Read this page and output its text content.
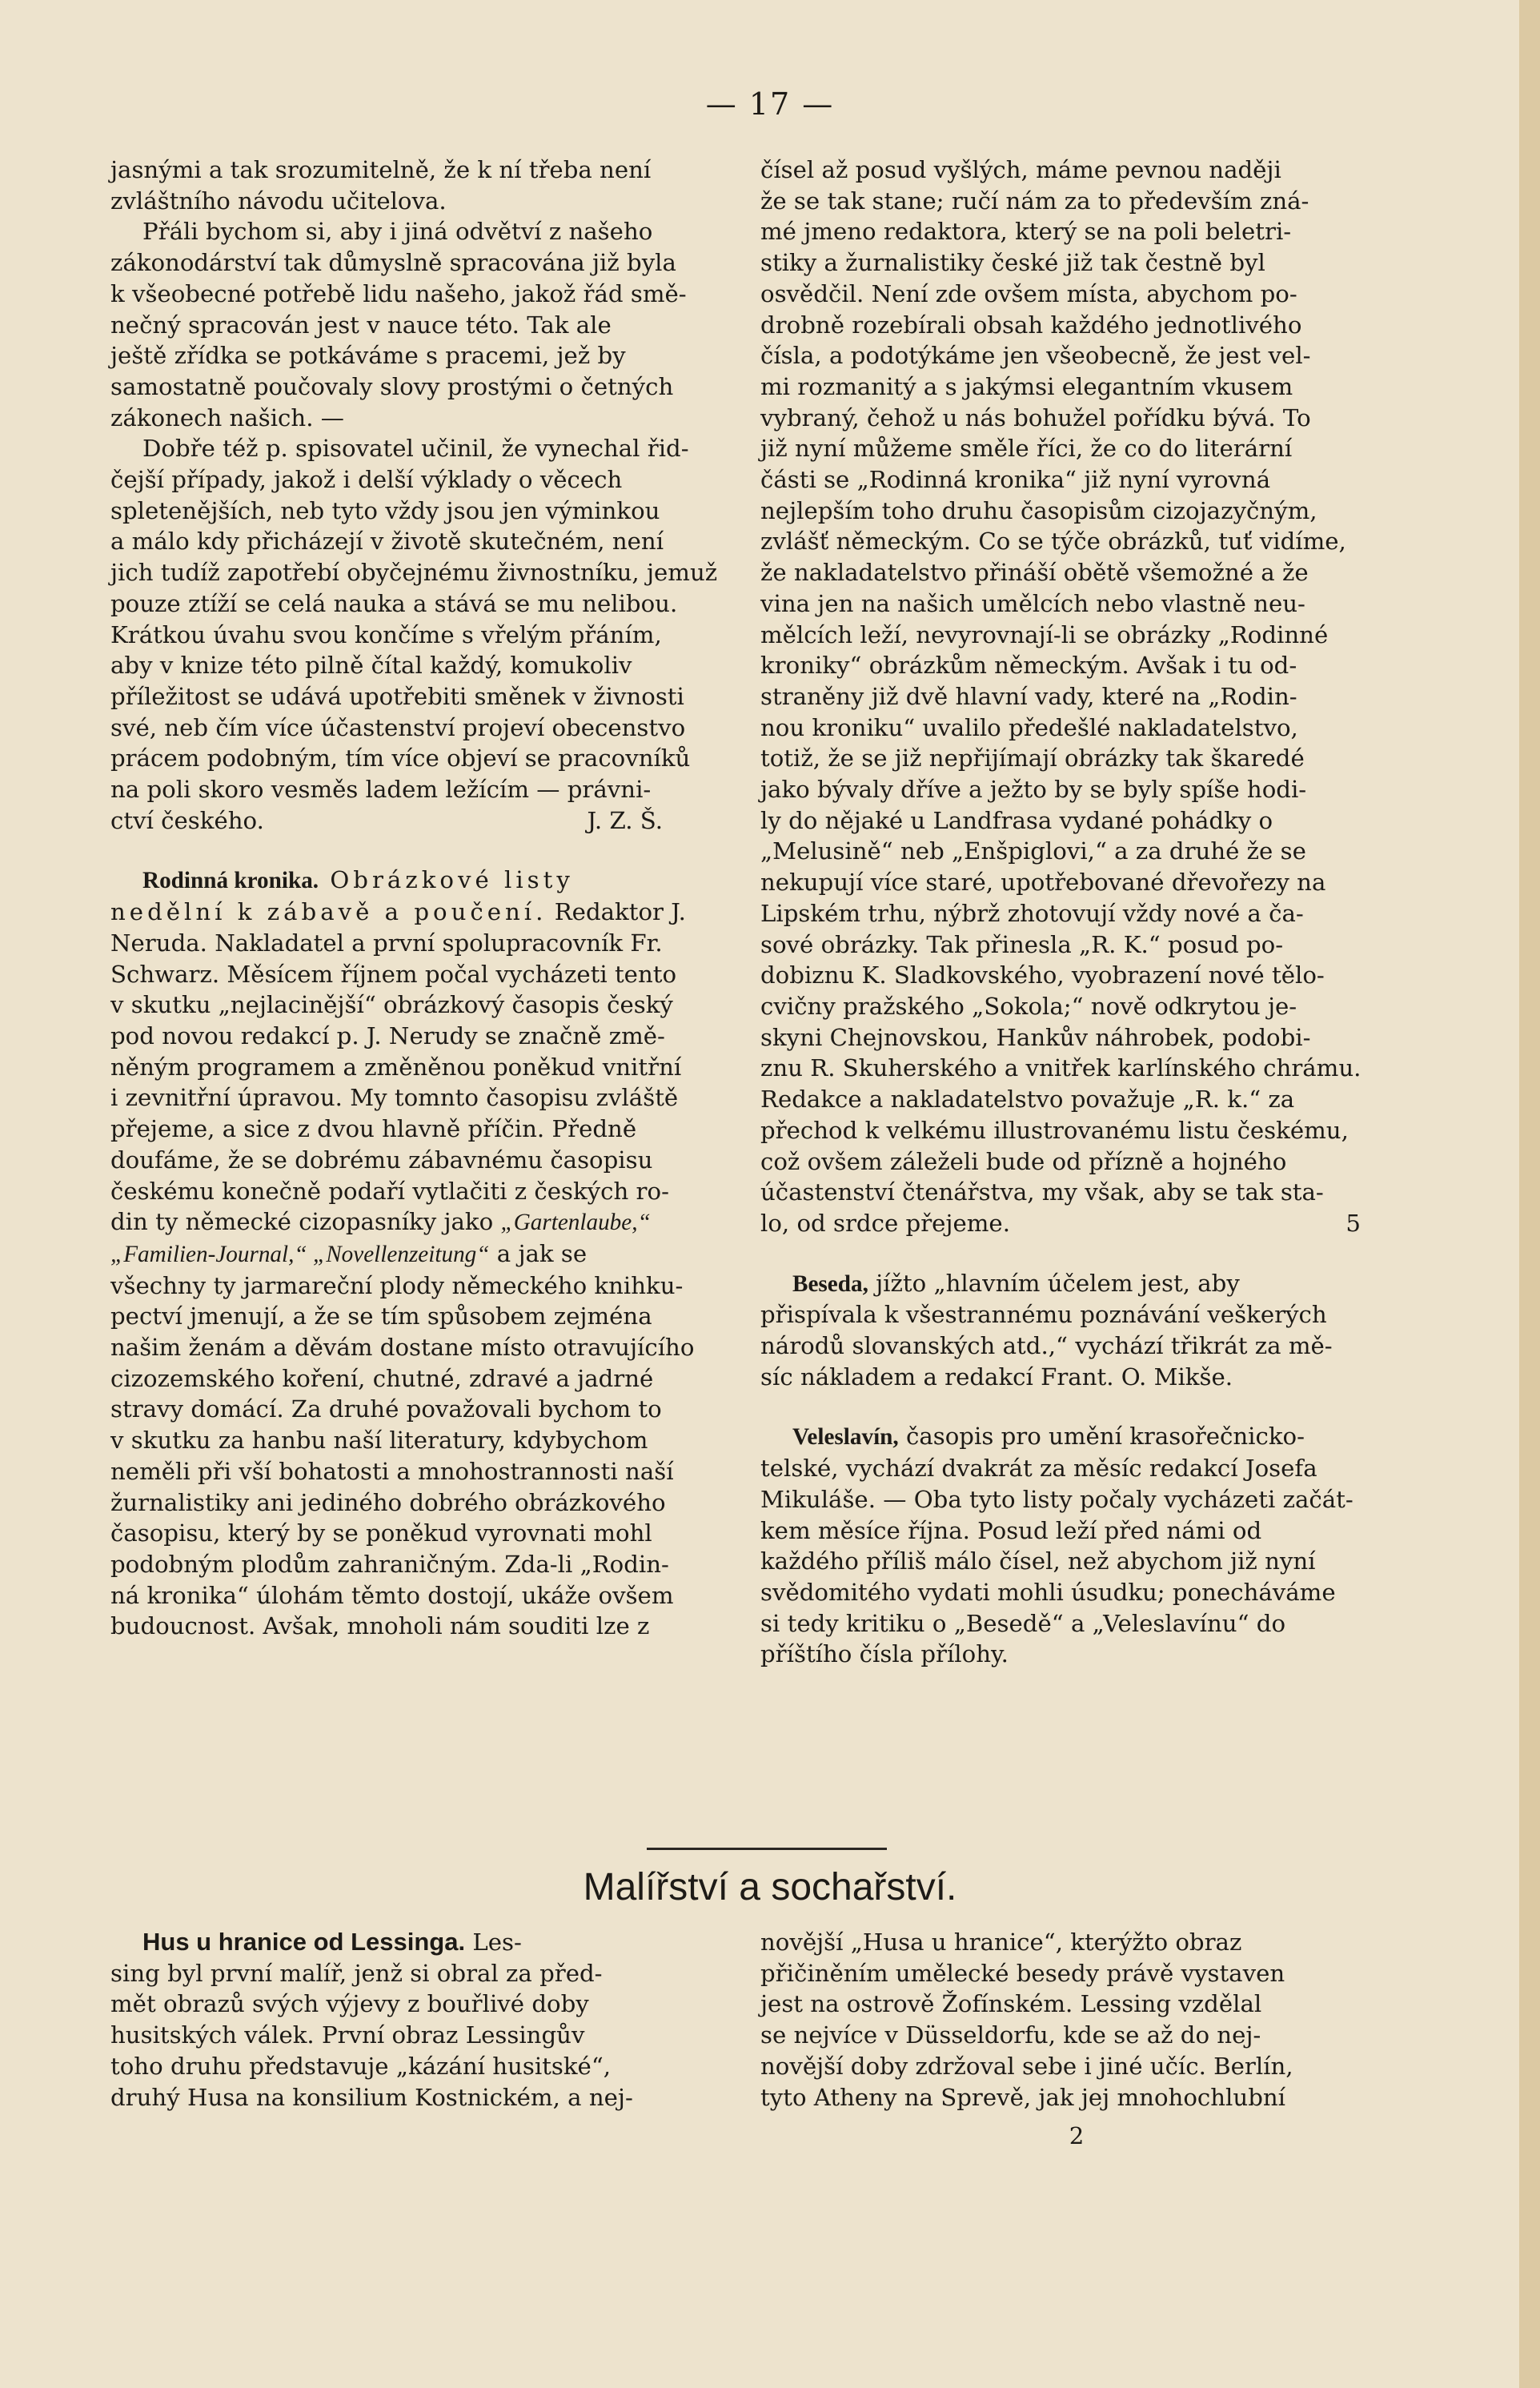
— 17 —

jasnými a tak srozumitelně, že k ní třeba není
zvláštního návodu učitelova.

Přáli bychom si, aby i jiná odvětví z našeho
zákonodárství tak důmyslně spracována již byla
k všeobecné potřebě lidu našeho, jakož řád smě-
nečný spracován jest v nauce této. Tak ale
ještě zřídka se potkáváme s pracemi, jež by
samostatně poučovaly slovy prostými o četných
zákonech našich. —

Dobře též p. spisovatel učinil, že vynechal řid-
čejší případy, jakož i delší výklady o věcech
spletenějších, neb tyto vždy jsou jen výminkou
a málo kdy přicházejí v životě skutečném, není
jich tudíž zapotřebí obyčejnému živnostníku, jemuž
pouze ztíží se celá nauka a stává se mu nelibou.
Krátkou úvahu svou končíme s vřelým přáním,
aby v knize této pilně čítal každý, komukoliv
příležitost se udává upotřebiti směnek v živnosti
své, neb čím více účastenství projeví obecenstvo
prácem podobným, tím více objeví se pracovníků
na poli skoro vesměs ladem ležícím — právni-

ctví českého.	J. Z. Š.

Rodinná kronika. Obrázkové listy
nedělní k zábavě a poučení. Redaktor J.
Neruda. Nakladatel a první spolupracovník Fr.
Schwarz. Měsícem říjnem počal vycházeti tento
v skutku „nejlacinější“ obrázkový časopis český
pod novou redakcí p. J. Nerudy se značně změ-
něným programem a změněnou poněkud vnitřní
i zevnitřní úpravou. My tomnto časopisu zvláště
přejeme, a sice z dvou hlavně příčin. Předně
doufáme, že se dobrému zábavnému časopisu
českému konečně podaří vytlačiti z českých ro-
din ty německé cizopasníky jako „Gartenlaube,“
„Familien-Journal,“ „Novellenzeitung“ a jak se
všechny ty jarmareční plody německého knihku-
pectví jmenují, a že se tím spůsobem zejména
našim ženám a děvám dostane místo otravujícího
cizozemského koření, chutné, zdravé a jadrné
stravy domácí. Za druhé považovali bychom to
v skutku za hanbu naší literatury, kdybychom
neměli při vší bohatosti a mnohostrannosti naší
žurnalistiky ani jediného dobrého obrázkového
časopisu, který by se poněkud vyrovnati mohl
podobným plodům zahraničným. Zda-li „Rodin-
ná kronika“ úlohám těmto dostojí, ukáže ovšem
budoucnost. Avšak, mnoholi nám souditi lze z

čísel až posud vyšlých, máme pevnou naději
že se tak stane; ručí nám za to především zná-
mé jmeno redaktora, který se na poli beletri-
stiky a žurnalistiky české již tak čestně byl
osvědčil. Není zde ovšem místa, abychom po-
drobně rozebírali obsah každého jednotlivého
čísla, a podotýkáme jen všeobecně, že jest vel-
mi rozmanitý a s jakýmsi elegantním vkusem
vybraný, čehož u nás bohužel pořídku bývá. To
již nyní můžeme směle říci, že co do literární
části se „Rodinná kronika“ již nyní vyrovná
nejlepším toho druhu časopisům cizojazyčným,
zvlášť německým. Co se týče obrázků, tuť vidíme,
že nakladatelstvo přináší obětě všemožné a že
vina jen na našich umělcích nebo vlastně neu-
mělcích leží, nevyrovnají-li se obrázky „Rodinné
kroniky“ obrázkům německým. Avšak i tu od-
straněny již dvě hlavní vady, které na „Rodin-
nou kroniku“ uvalilo předešlé nakladatelstvo,
totiž, že se již nepřijímají obrázky tak škaredé
jako bývaly dříve a ježto by se byly spíše hodi-
ly do nějaké u Landfrasa vydané pohádky o
„Melusině“ neb „Enšpiglovi,“ a za druhé že se
nekupují více staré, upotřebované dřevořezy na
Lipském trhu, nýbrž zhotovují vždy nové a ča-
sové obrázky. Tak přinesla „R. K.“ posud po-
dobiznu K. Sladkovského, vyobrazení nové tělo-
cvičny pražského „Sokola;“ nově odkrytou je-
skyni Chejnovskou, Hankův náhrobek, podobi-
znu R. Skuherského a vnitřek karlínského chrámu.
Redakce a nakladatelstvo považuje „R. k.“ za
přechod k velkému illustrovanému listu českému,
což ovšem záleželi bude od přízně a hojného
účastenství čtenářstva, my však, aby se tak sta-

lo, od srdce přejeme.	5

Beseda, jížto „hlavním účelem jest, aby
přispívala k všestrannému poznávání veškerých
národů slovanských atd.,“ vychází třikrát za mě-
síc nákladem a redakcí Frant. O. Mikše.

Veleslavín, časopis pro umění krasořečnicko-
telské, vychází dvakrát za měsíc redakcí Josefa
Mikuláše. — Oba tyto listy počaly vycházeti začát-
kem měsíce října. Posud leží před námi od
každého příliš málo čísel, než abychom již nyní
svědomitého vydati mohli úsudku; ponecháváme
si tedy kritiku o „Besedě“ a „Veleslavínu“ do
příštího čísla přílohy.

Malířství a sochařství.

Hus u hranice od Lessinga. Les-
sing byl první malíř, jenž si obral za před-
mět obrazů svých výjevy z bouřlivé doby
husitských válek. První obraz Lessingův
toho druhu představuje „kázání husitské“,
druhý Husa na konsilium Kostnickém, a nej-

novější „Husa u hranice“, kterýžto obraz
přičiněním umělecké besedy právě vystaven
jest na ostrově Žofínském. Lessing vzdělal
se nejvíce v Düsseldorfu, kde se až do nej-
novější doby zdržoval sebe i jiné učíc. Berlín,
tyto Atheny na Sprevě, jak jej mnohochlubní

2
